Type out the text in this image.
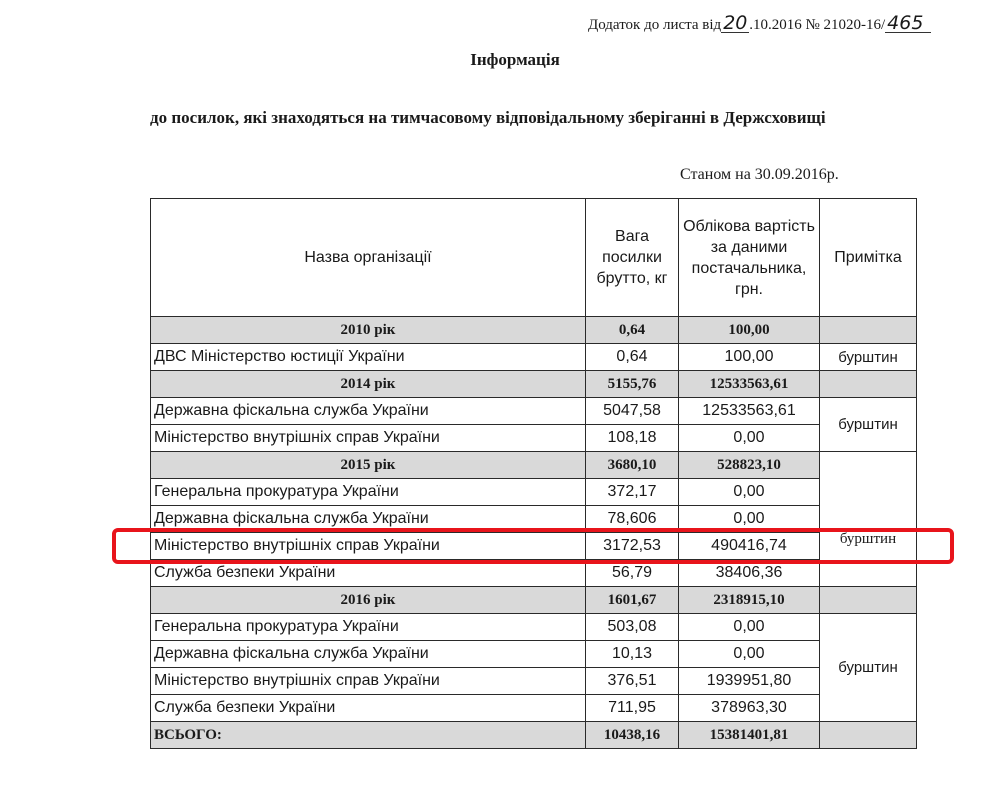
Додаток до листа від 20 .10.2016 № 21020-16/ 465
Інформація
до посилок, які знаходяться на тимчасовому відповідальному зберіганні в Держсховищі
Станом на 30.09.2016р.
Назва організації	Вага посилки брутто, кг	Облікова вартість за даними постачальника, грн.	Примітка
2010 рік	0,64	100,00	
ДВС Міністерство юстиції України	0,64	100,00	бурштин
2014 рік	5155,76	12533563,61	
Державна фіскальна служба України	5047,58	12533563,61	бурштин
Міністерство внутрішніх справ України	108,18	0,00	
2015 рік	3680,10	528823,10	бурштин
Генеральна прокуратура України	372,17	0,00	
Державна фіскальна служба України	78,606	0,00	
Міністерство внутрішніх справ України	3172,53	490416,74	
Служба безпеки України	56,79	38406,36	
2016 рік	1601,67	2318915,10	
Генеральна прокуратура України	503,08	0,00	бурштин
Державна фіскальна служба України	10,13	0,00	
Міністерство внутрішніх справ України	376,51	1939951,80	
Служба безпеки України	711,95	378963,30	
ВСЬОГО:	10438,16	15381401,81	
